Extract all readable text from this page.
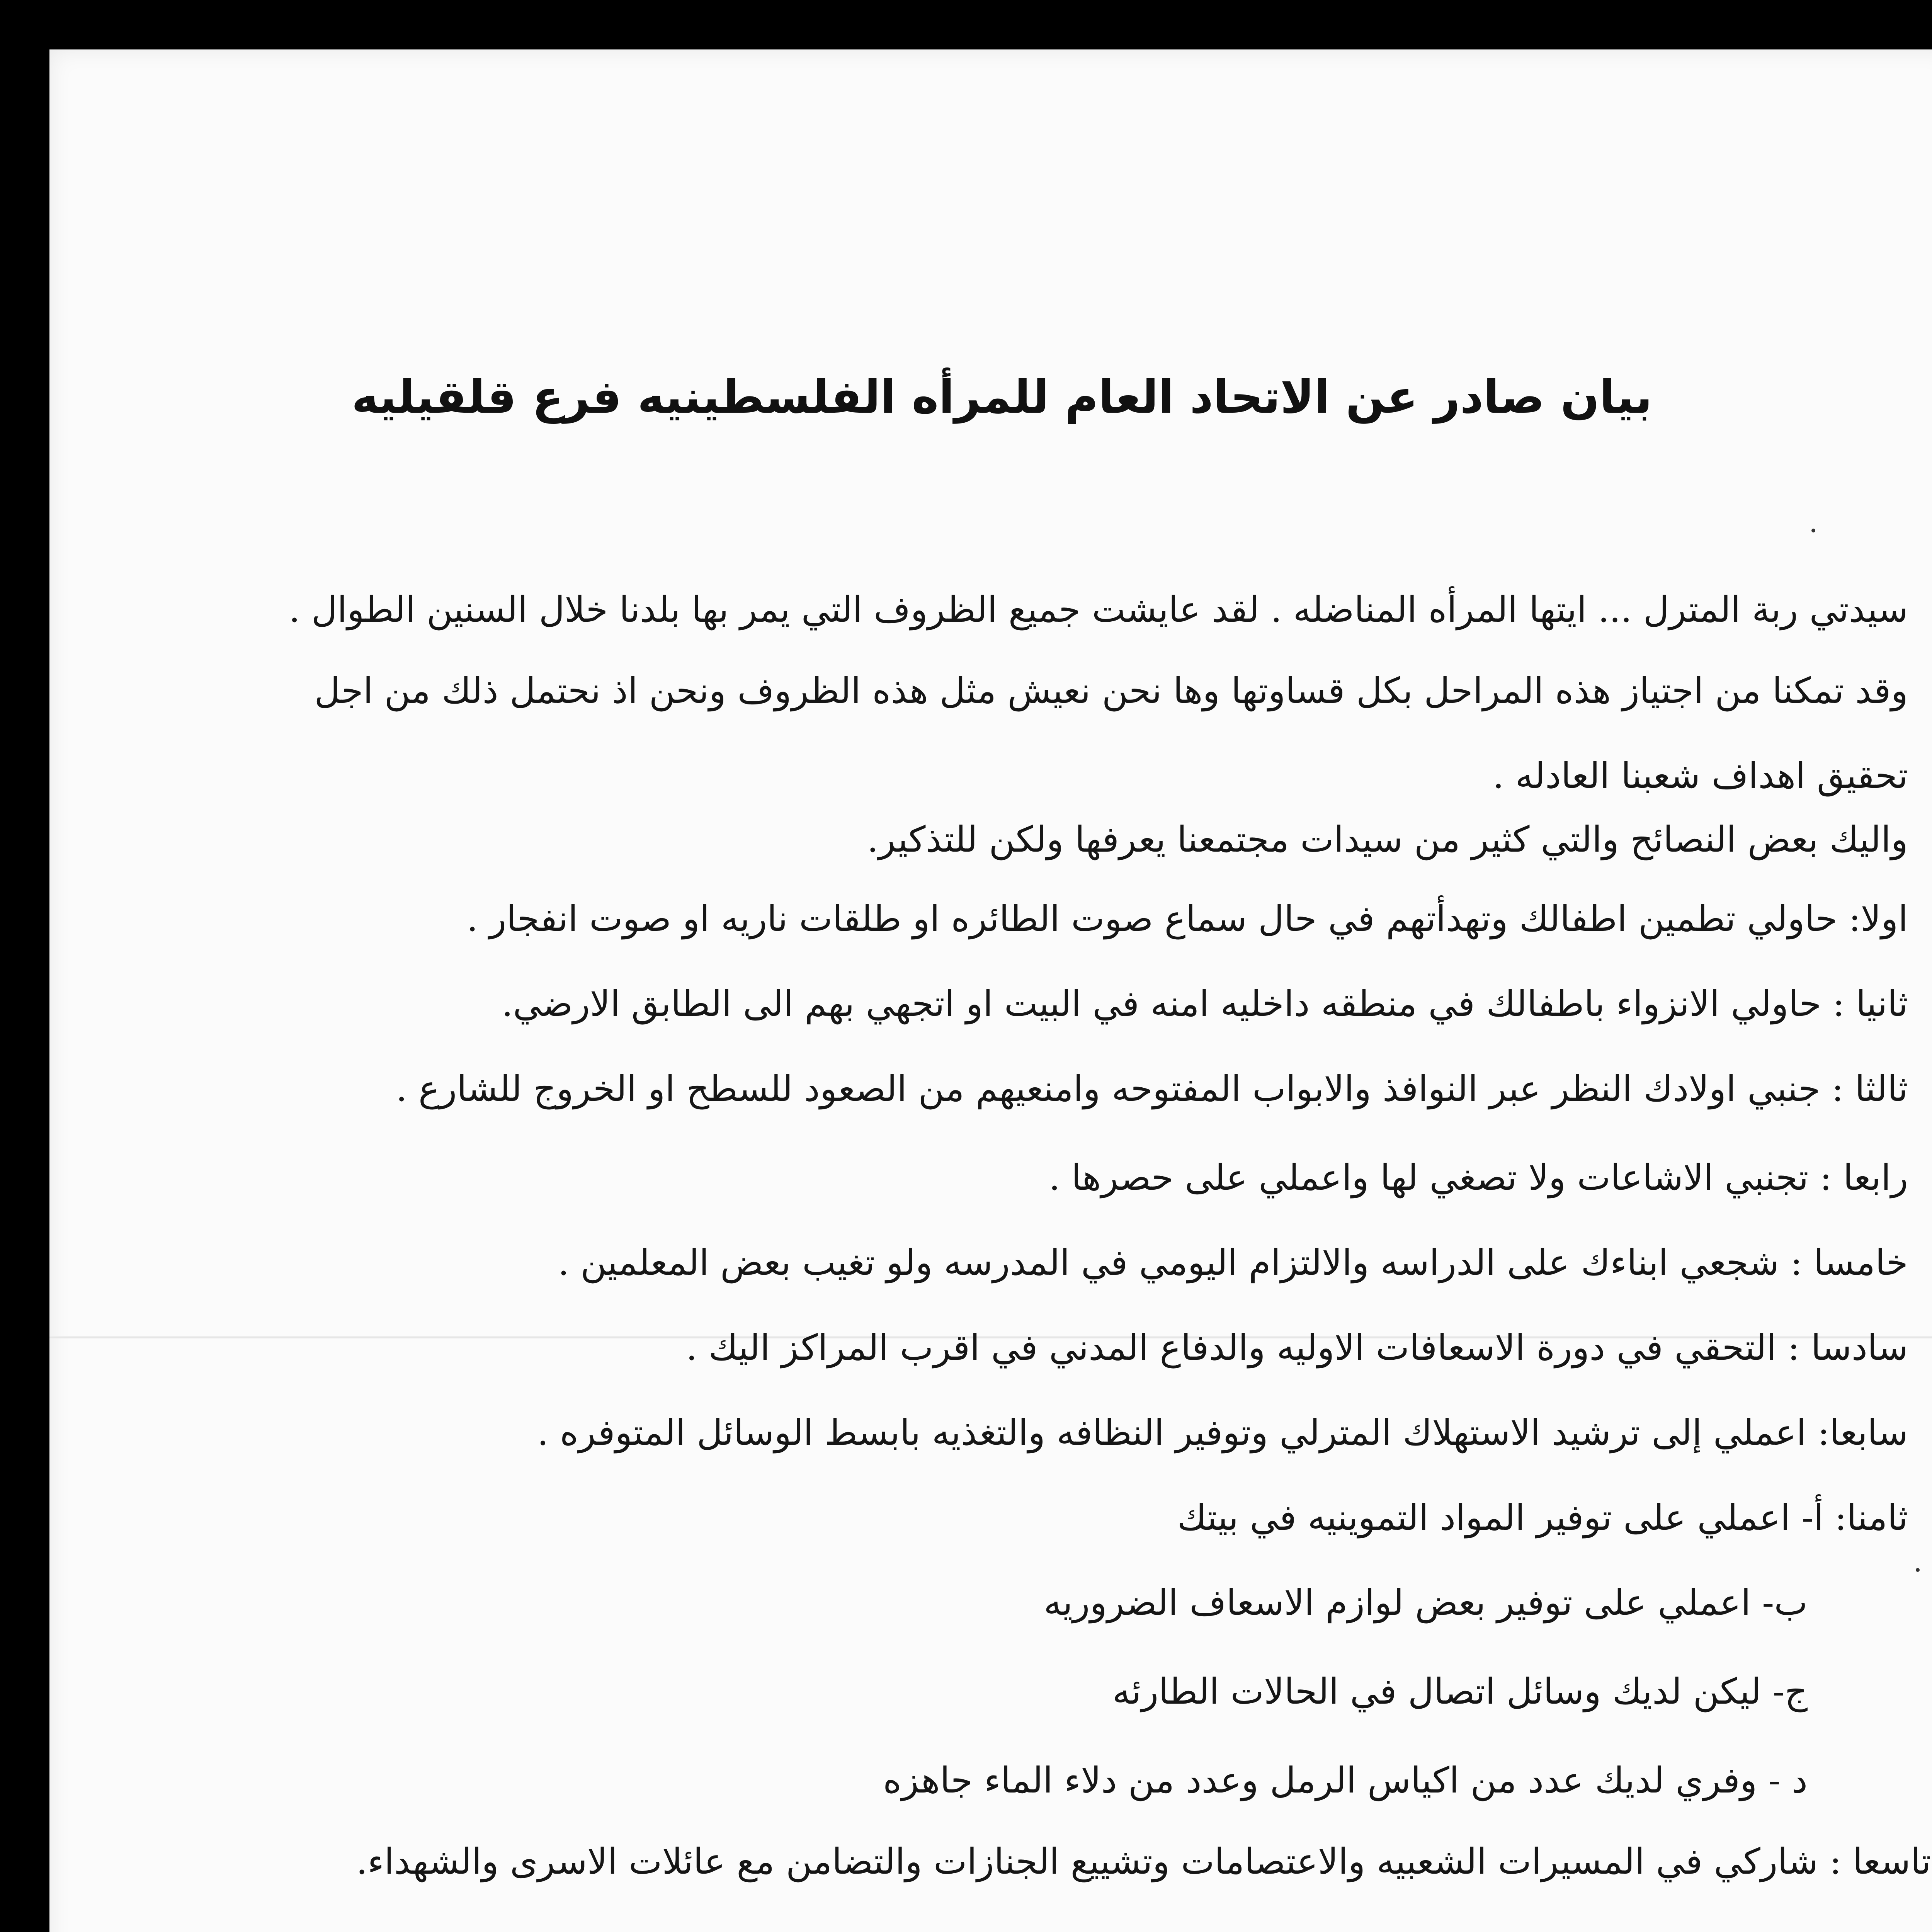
بيان صادر عن الاتحاد العام للمرأه الفلسطينيه فرع قلقيليه
سيدتي ربة المترل ... ايتها المرأه المناضله . لقد عايشت جميع الظروف التي يمر بها بلدنا خلال السنين الطوال .
وقد تمكنا من اجتياز هذه المراحل بكل قساوتها وها نحن نعيش مثل هذه الظروف ونحن اذ نحتمل ذلك من اجل
تحقيق اهداف شعبنا العادله .
واليك بعض النصائح والتي كثير من سيدات مجتمعنا يعرفها ولكن للتذكير.
اولا: حاولي تطمين اطفالك وتهدأتهم في حال سماع صوت الطائره او طلقات ناريه او صوت انفجار .
ثانيا : حاولي الانزواء باطفالك في منطقه داخليه امنه في البيت او اتجهي بهم الى الطابق الارضي.
ثالثا : جنبي اولادك النظر عبر النوافذ والابواب المفتوحه وامنعيهم من الصعود للسطح او الخروج للشارع .
رابعا : تجنبي الاشاعات ولا تصغي لها واعملي على حصرها .
خامسا : شجعي ابناءك على الدراسه والالتزام اليومي في المدرسه ولو تغيب بعض المعلمين .
سادسا : التحقي في دورة الاسعافات الاوليه والدفاع المدني في اقرب المراكز اليك .
سابعا: اعملي إلى ترشيد الاستهلاك المترلي وتوفير النظافه والتغذيه بابسط الوسائل المتوفره .
ثامنا: أ- اعملي على توفير المواد التموينيه في بيتك
ب- اعملي على توفير بعض لوازم الاسعاف الضروريه
ج- ليكن لديك وسائل اتصال في الحالات الطارئه
د - وفري لديك عدد من اكياس الرمل وعدد من دلاء الماء جاهزه
تاسعا : شاركي في المسيرات الشعبيه والاعتصامات وتشييع الجنازات والتضامن مع عائلات الاسرى والشهداء.
